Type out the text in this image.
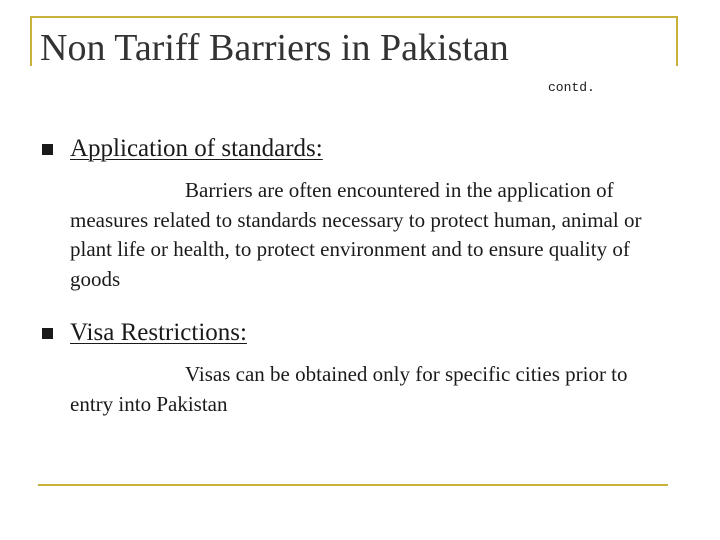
Non Tariff Barriers in Pakistan
contd.
Application of standards:

Barriers are often encountered in the application of measures related to standards necessary to protect human, animal or plant life or health, to protect environment and to ensure quality of goods

Visa Restrictions:

Visas can be obtained only for specific cities prior to entry into Pakistan
